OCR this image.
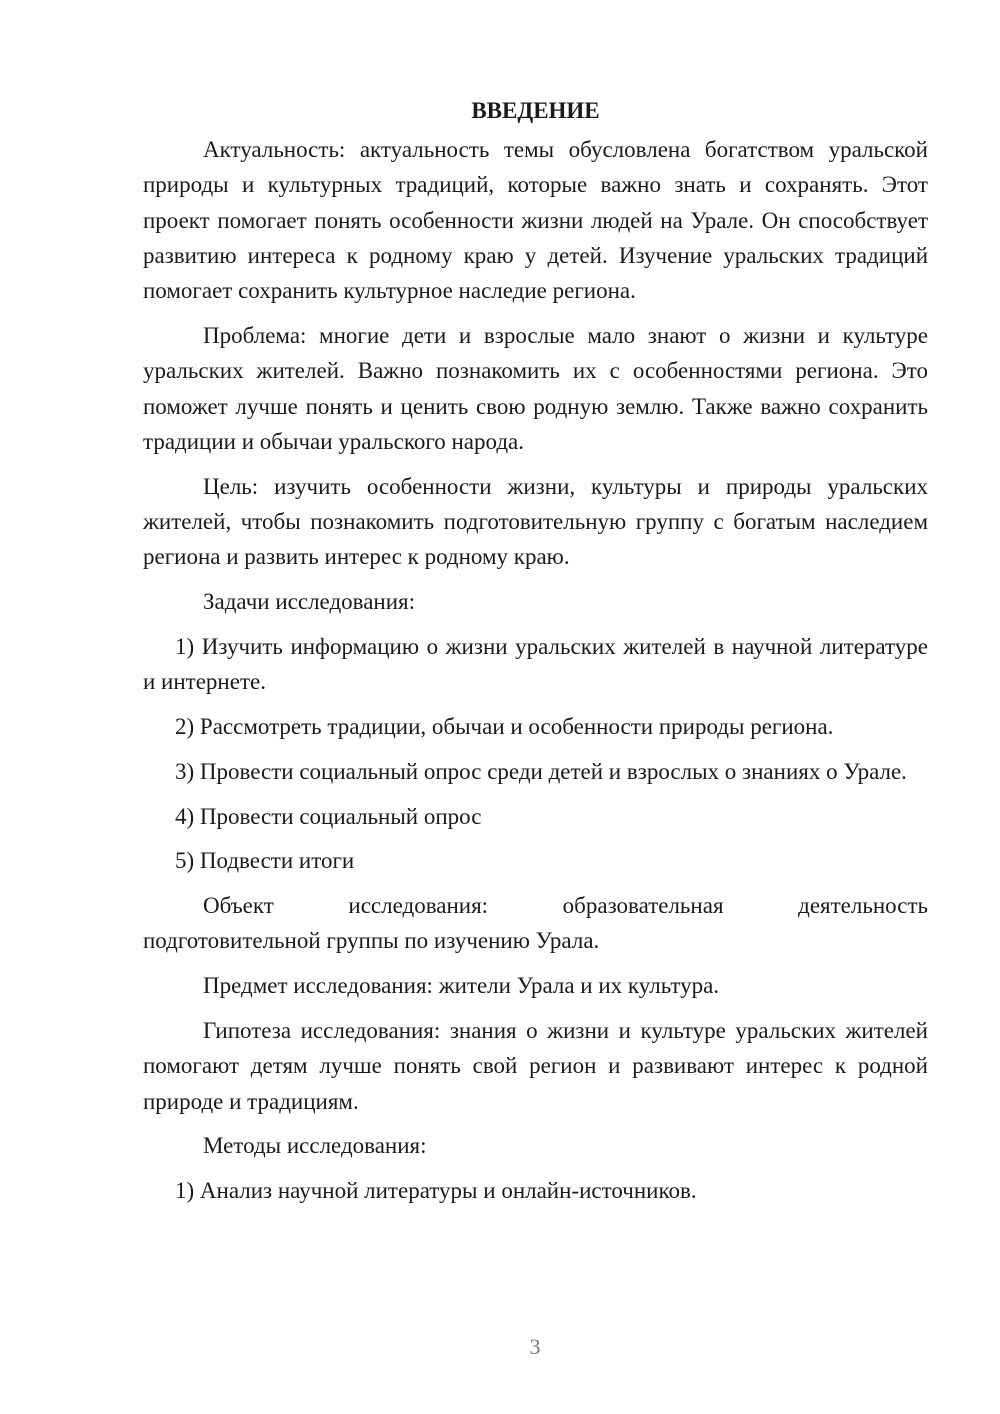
ВВЕДЕНИЕ

Актуальность: актуальность темы обусловлена богатством уральской природы и культурных традиций, которые важно знать и сохранять. Этот проект помогает понять особенности жизни людей на Урале. Он способствует развитию интереса к родному краю у детей. Изучение уральских традиций помогает сохранить культурное наследие региона.

Проблема: многие дети и взрослые мало знают о жизни и культуре уральских жителей. Важно познакомить их с особенностями региона. Это поможет лучше понять и ценить свою родную землю. Также важно сохранить традиции и обычаи уральского народа.

Цель: изучить особенности жизни, культуры и природы уральских жителей, чтобы познакомить подготовительную группу с богатым наследием региона и развить интерес к родному краю.

Задачи исследования:

1) Изучить информацию о жизни уральских жителей в научной литературе и интернете.

2) Рассмотреть традиции, обычаи и особенности природы региона.

3) Провести социальный опрос среди детей и взрослых о знаниях о Урале.

4) Провести социальный опрос

5) Подвести итоги

Объект исследования: образовательная деятельность

подготовительной группы по изучению Урала.

Предмет исследования: жители Урала и их культура.

Гипотеза исследования: знания о жизни и культуре уральских жителей помогают детям лучше понять свой регион и развивают интерес к родной природе и традициям.

Методы исследования:

1) Анализ научной литературы и онлайн-источников.

3
